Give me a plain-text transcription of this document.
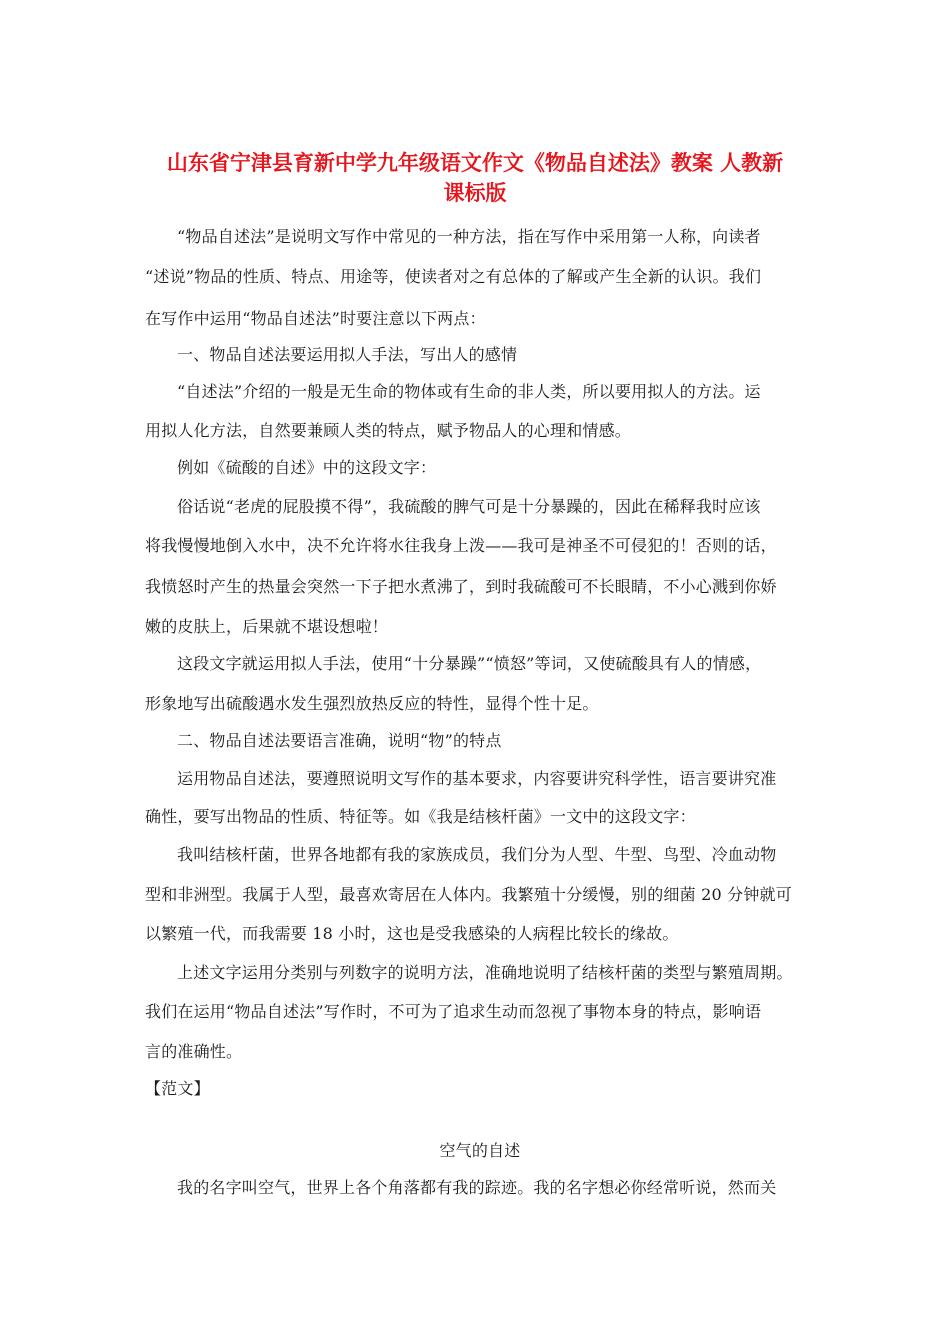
山东省宁津县育新中学九年级语文作文《物品自述法》教案 人教新
课标版
“物品自述法”是说明文写作中常见的一种方法，指在写作中采用第一人称，向读者
“述说”物品的性质、特点、用途等，使读者对之有总体的了解或产生全新的认识。我们
在写作中运用“物品自述法”时要注意以下两点：
一、物品自述法要运用拟人手法，写出人的感情
“自述法”介绍的一般是无生命的物体或有生命的非人类，所以要用拟人的方法。运
用拟人化方法，自然要兼顾人类的特点，赋予物品人的心理和情感。
例如《硫酸的自述》中的这段文字：
俗话说“老虎的屁股摸不得”，我硫酸的脾气可是十分暴躁的，因此在稀释我时应该
将我慢慢地倒入水中，决不允许将水往我身上泼——我可是神圣不可侵犯的！否则的话，
我愤怒时产生的热量会突然一下子把水煮沸了，到时我硫酸可不长眼睛，不小心溅到你娇
嫩的皮肤上，后果就不堪设想啦！
这段文字就运用拟人手法，使用“十分暴躁”“愤怒”等词，又使硫酸具有人的情感，
形象地写出硫酸遇水发生强烈放热反应的特性，显得个性十足。
二、物品自述法要语言准确，说明“物”的特点
运用物品自述法，要遵照说明文写作的基本要求，内容要讲究科学性，语言要讲究准
确性，要写出物品的性质、特征等。如《我是结核杆菌》一文中的这段文字：
我叫结核杆菌，世界各地都有我的家族成员，我们分为人型、牛型、鸟型、冷血动物
型和非洲型。我属于人型，最喜欢寄居在人体内。我繁殖十分缓慢，别的细菌 20 分钟就可
以繁殖一代，而我需要 18 小时，这也是受我感染的人病程比较长的缘故。
上述文字运用分类别与列数字的说明方法，准确地说明了结核杆菌的类型与繁殖周期。
我们在运用“物品自述法”写作时，不可为了追求生动而忽视了事物本身的特点，影响语
言的准确性。
【范文】
空气的自述
我的名字叫空气，世界上各个角落都有我的踪迹。我的名字想必你经常听说，然而关
